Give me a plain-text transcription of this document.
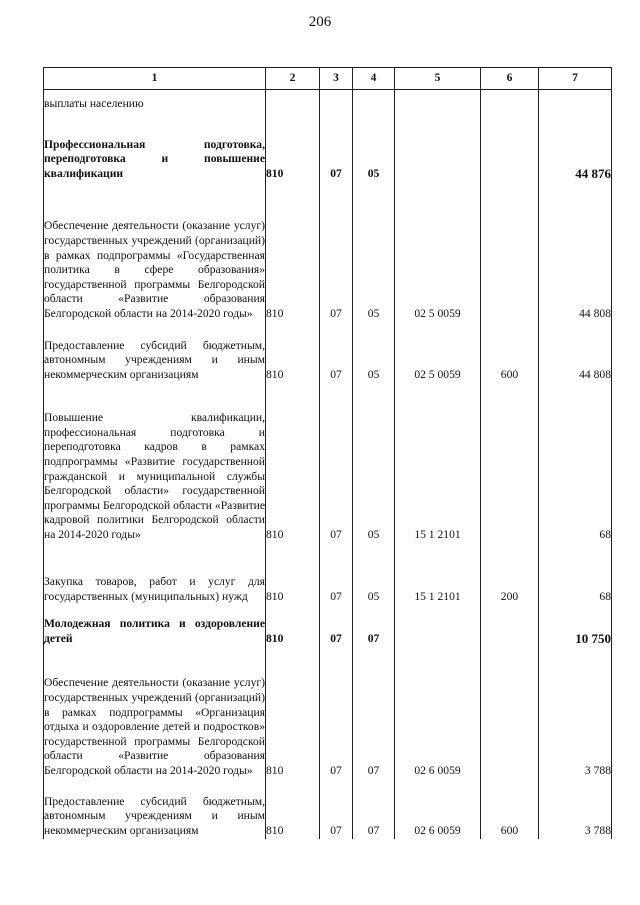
206
1	2	3	4	5	6	7
выплаты населению						

Профессиональная подготовка, переподготовка и повышение квалификации	810	07	05			44 876

Обеспечение деятельности (оказание услуг) государственных учреждений (организаций) в рамках подпрограммы «Государственная политика в сфере образования» государственной программы Белгородской области «Развитие образования Белгородской области на 2014-2020 годы»	810	07	05	02 5 0059		44 808

Предоставление субсидий бюджетным, автономным учреждениям и иным некоммерческим организациям	810	07	05	02 5 0059	600	44 808

Повышение квалификации, профессиональная подготовка и переподготовка кадров в рамках подпрограммы «Развитие государственной гражданской и муниципальной службы Белгородской области» государственной программы Белгородской области «Развитие кадровой политики Белгородской области на 2014-2020 годы»	810	07	05	15 1 2101		68

Закупка товаров, работ и услуг для государственных (муниципальных) нужд	810	07	05	15 1 2101	200	68

Молодежная политика и оздоровление детей	810	07	07			10 750

Обеспечение деятельности (оказание услуг) государственных учреждений (организаций) в рамках подпрограммы «Организация отдыха и оздоровление детей и подростков» государственной программы Белгородской области «Развитие образования Белгородской области на 2014-2020 годы»	810	07	07	02 6 0059		3 788

Предоставление субсидий бюджетным, автономным учреждениям и иным некоммерческим организациям	810	07	07	02 6 0059	600	3 788
